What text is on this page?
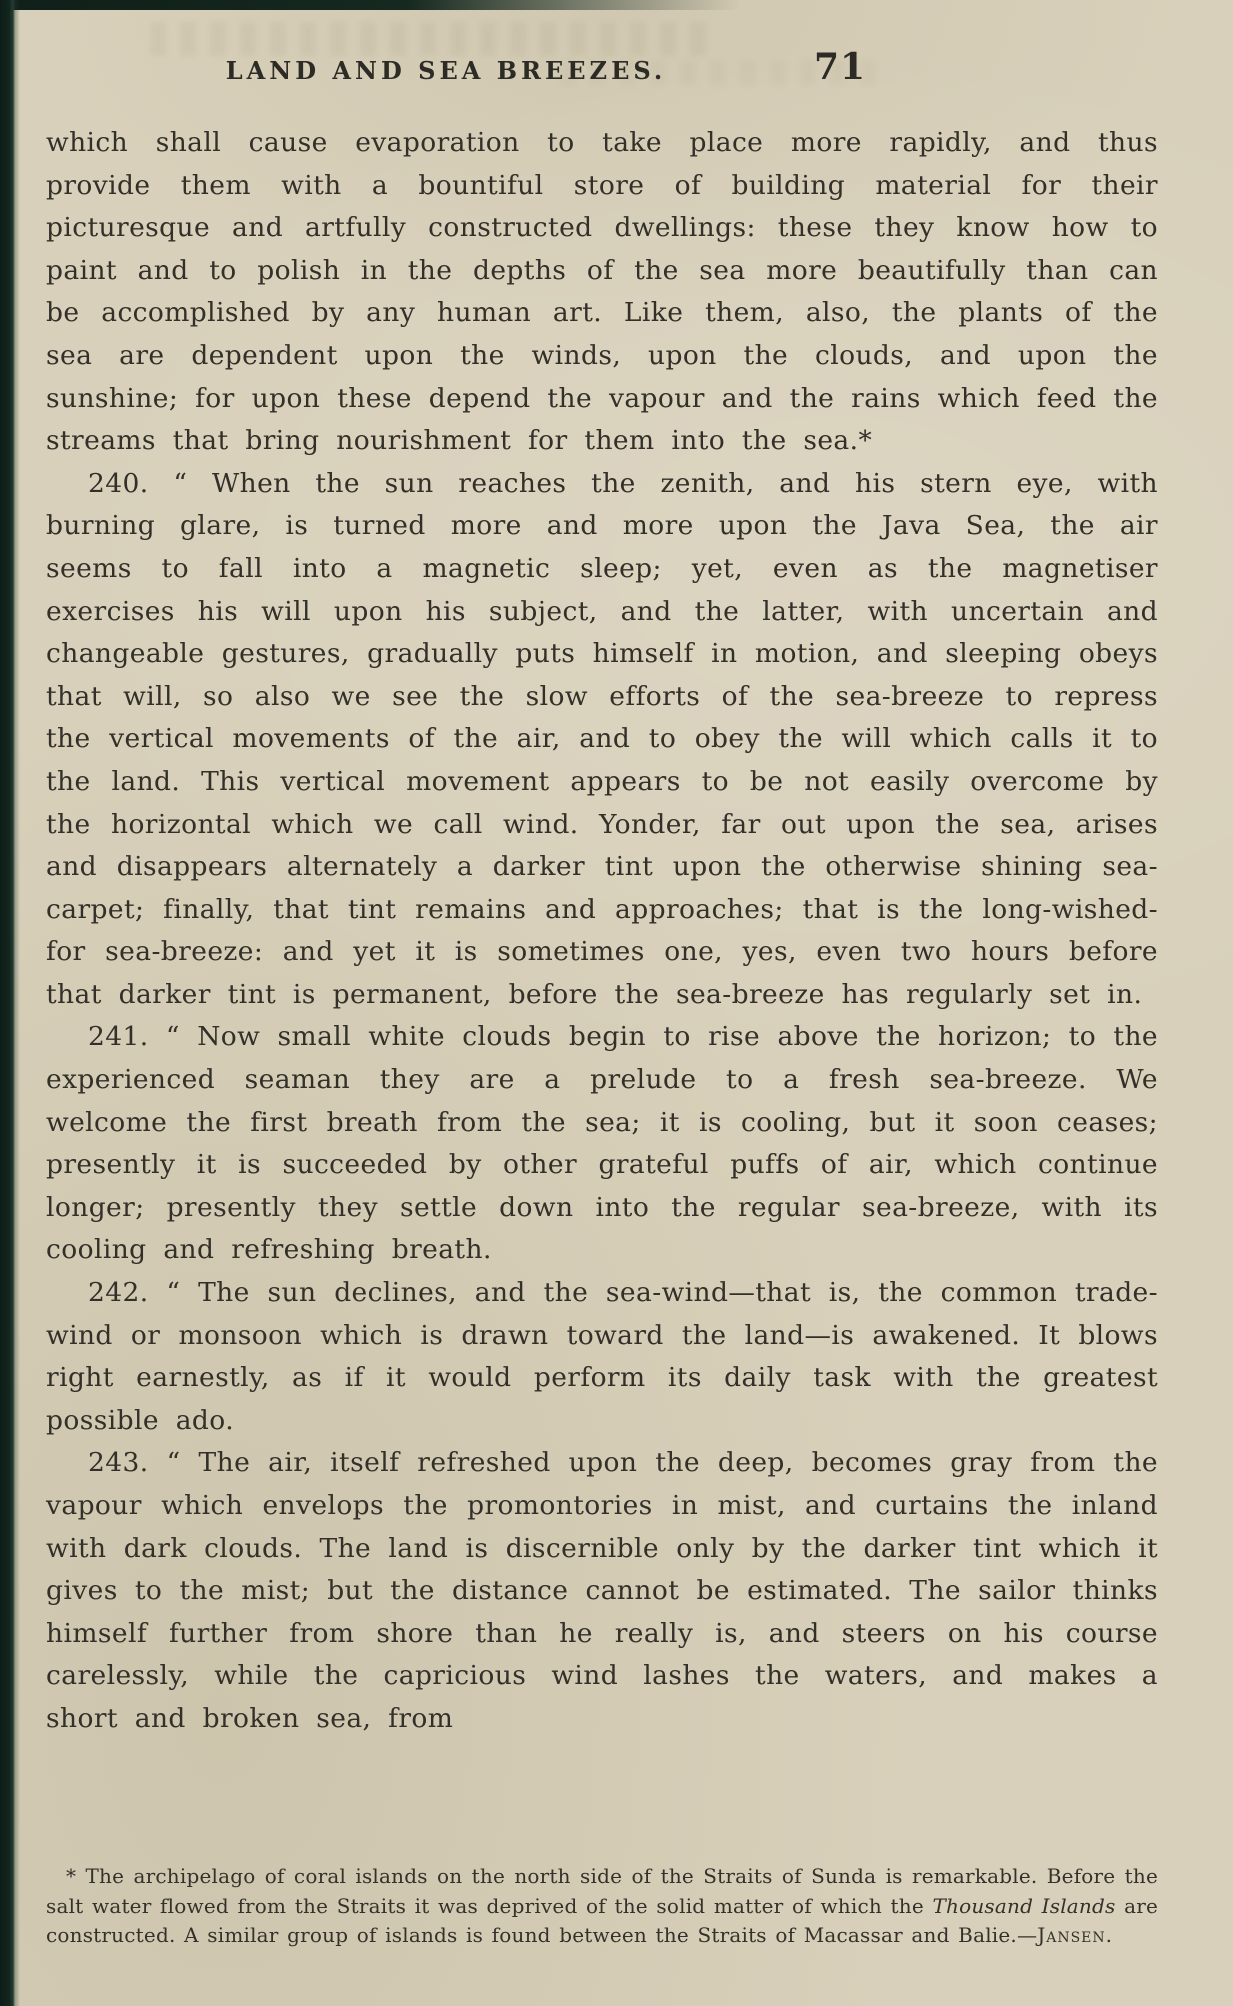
LAND AND SEA BREEZES.	71

which shall cause evaporation to take place more rapidly, and thus provide them with a bountiful store of building material for their picturesque and artfully constructed dwellings: these they know how to paint and to polish in the depths of the sea more beautifully than can be accomplished by any human art. Like them, also, the plants of the sea are dependent upon the winds, upon the clouds, and upon the sunshine; for upon these depend the vapour and the rains which feed the streams that bring nourishment for them into the sea.*

240. “ When the sun reaches the zenith, and his stern eye, with burning glare, is turned more and more upon the Java Sea, the air seems to fall into a magnetic sleep; yet, even as the magnetiser exercises his will upon his subject, and the latter, with uncertain and changeable gestures, gradually puts himself in motion, and sleeping obeys that will, so also we see the slow efforts of the sea-breeze to repress the vertical movements of the air, and to obey the will which calls it to the land. This vertical movement appears to be not easily overcome by the horizontal which we call wind. Yonder, far out upon the sea, arises and disappears alternately a darker tint upon the otherwise shining sea-carpet; finally, that tint remains and approaches; that is the long-wished-for sea-breeze: and yet it is sometimes one, yes, even two hours before that darker tint is permanent, before the sea-breeze has regularly set in.

241. “ Now small white clouds begin to rise above the horizon; to the experienced seaman they are a prelude to a fresh sea-breeze. We welcome the first breath from the sea; it is cooling, but it soon ceases; presently it is succeeded by other grateful puffs of air, which continue longer; presently they settle down into the regular sea-breeze, with its cooling and refreshing breath.

242. “ The sun declines, and the sea-wind—that is, the common trade-wind or monsoon which is drawn toward the land—is awakened. It blows right earnestly, as if it would perform its daily task with the greatest possible ado.

243. “ The air, itself refreshed upon the deep, becomes gray from the vapour which envelops the promontories in mist, and curtains the inland with dark clouds. The land is discernible only by the darker tint which it gives to the mist; but the distance cannot be estimated. The sailor thinks himself further from shore than he really is, and steers on his course carelessly, while the capricious wind lashes the waters, and makes a short and broken sea, from

* The archipelago of coral islands on the north side of the Straits of Sunda is remarkable. Before the salt water flowed from the Straits it was deprived of the solid matter of which the Thousand Islands are constructed. A similar group of islands is found between the Straits of Macassar and Balie.—Jansen.
